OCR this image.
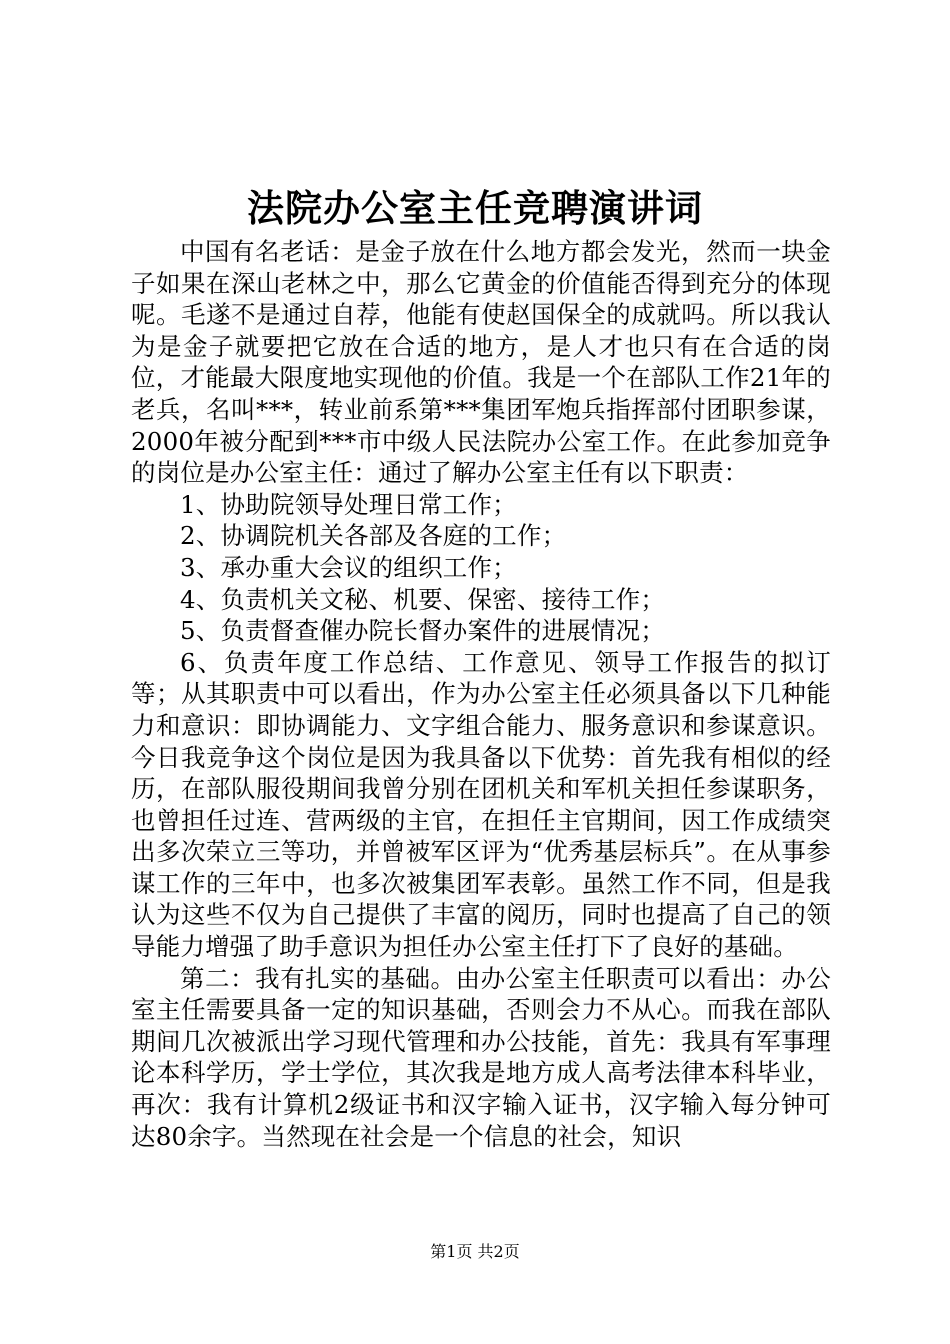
法院办公室主任竞聘演讲词

中国有名老话：是金子放在什么地方都会发光，然而一块金子如果在深山老林之中，那么它黄金的价值能否得到充分的体现呢。毛遂不是通过自荐，他能有使赵国保全的成就吗。所以我认为是金子就要把它放在合适的地方，是人才也只有在合适的岗位，才能最大限度地实现他的价值。我是一个在部队工作21年的老兵，名叫***，转业前系第***集团军炮兵指挥部付团职参谋，2000年被分配到***市中级人民法院办公室工作。在此参加竞争的岗位是办公室主任：通过了解办公室主任有以下职责：

1、协助院领导处理日常工作；

2、协调院机关各部及各庭的工作；

3、承办重大会议的组织工作；

4、负责机关文秘、机要、保密、接待工作；

5、负责督查催办院长督办案件的进展情况；

6、负责年度工作总结、工作意见、领导工作报告的拟订等；从其职责中可以看出，作为办公室主任必须具备以下几种能力和意识：即协调能力、文字组合能力、服务意识和参谋意识。今日我竞争这个岗位是因为我具备以下优势：首先我有相似的经历，在部队服役期间我曾分别在团机关和军机关担任参谋职务，也曾担任过连、营两级的主官，在担任主官期间，因工作成绩突出多次荣立三等功，并曾被军区评为“优秀基层标兵”。在从事参谋工作的三年中，也多次被集团军表彰。虽然工作不同，但是我认为这些不仅为自己提供了丰富的阅历，同时也提高了自己的领导能力增强了助手意识为担任办公室主任打下了良好的基础。

第二：我有扎实的基础。由办公室主任职责可以看出：办公室主任需要具备一定的知识基础，否则会力不从心。而我在部队期间几次被派出学习现代管理和办公技能，首先：我具有军事理论本科学历，学士学位，其次我是地方成人高考法律本科毕业，再次：我有计算机2级证书和汉字输入证书，汉字输入每分钟可达80余字。当然现在社会是一个信息的社会，知识

第1页 共2页
